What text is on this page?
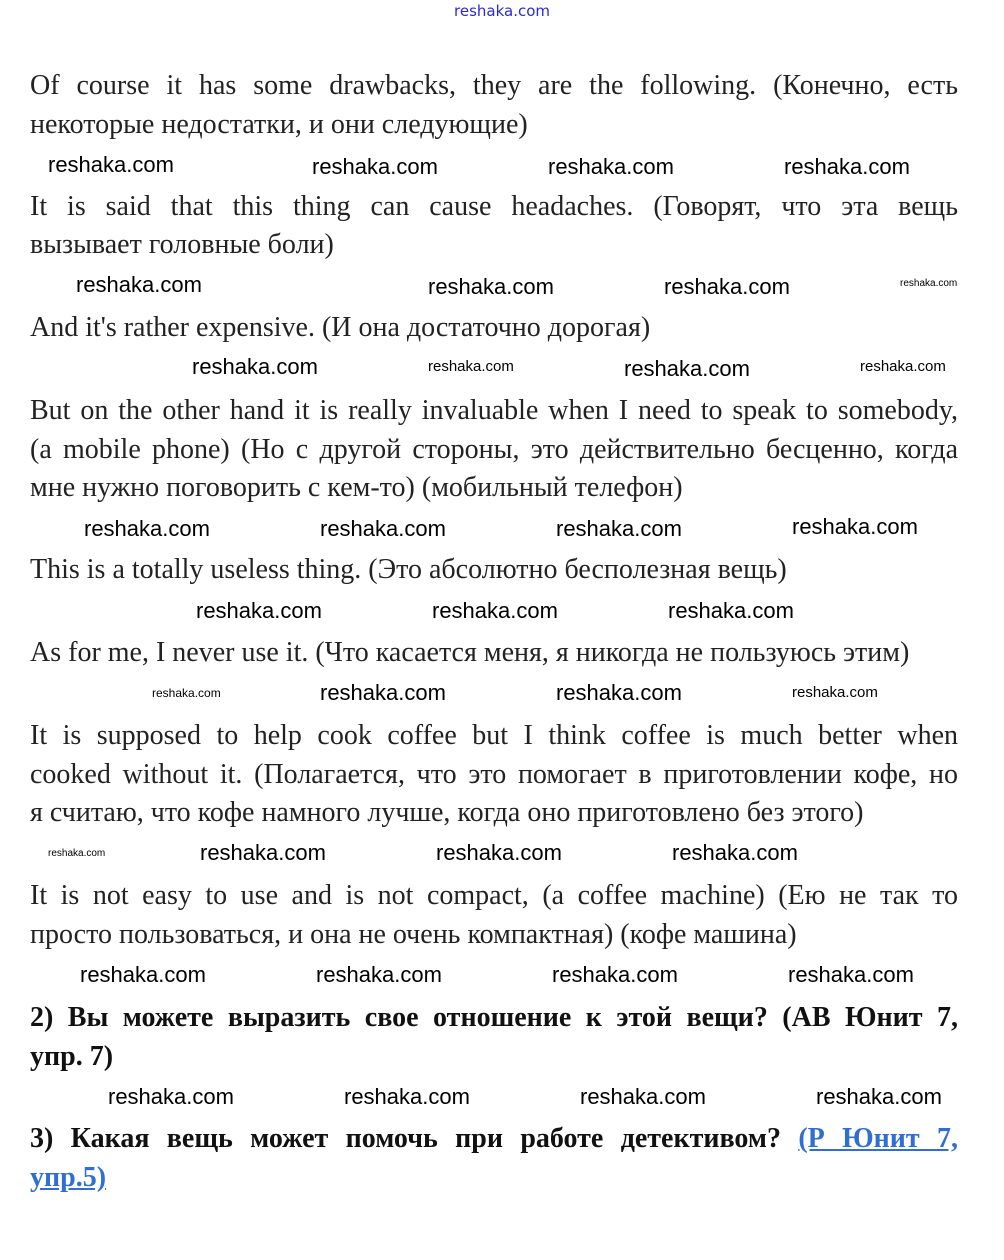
reshaka.com
Of course it has some drawbacks, they are the following. (Конечно, есть
некоторые недостатки, и они следующие)
It is said that this thing can cause headaches. (Говорят, что эта вещь
вызывает головные боли)
And it's rather expensive. (И она достаточно дорогая)
But on the other hand it is really invaluable when I need to speak to somebody,
(a mobile phone) (Но с другой стороны, это действительно бесценно, когда
мне нужно поговорить с кем-то) (мобильный телефон)
This is a totally useless thing. (Это абсолютно бесполезная вещь)
As for me, I never use it. (Что касается меня, я никогда не пользуюсь этим)
It is supposed to help cook coffee but I think coffee is much better when
cooked without it. (Полагается, что это помогает в приготовлении кофе, но
я считаю, что кофе намного лучше, когда оно приготовлено без этого)
It is not easy to use and is not compact, (a coffee machine) (Ею не так то
просто пользоваться, и она не очень компактная) (кофе машина)
2) Вы можете выразить свое отношение к этой вещи? (АВ Юнит 7,
упр. 7)
3) Какая вещь может помочь при работе детективом? (Р Юнит 7,
упр.5)
reshaka.com	reshaka.com	reshaka.com	reshaka.com
reshaka.com	reshaka.com	reshaka.com	reshaka.com
reshaka.com	reshaka.com	reshaka.com	reshaka.com
reshaka.com	reshaka.com	reshaka.com	reshaka.com
reshaka.com	reshaka.com	reshaka.com
reshaka.com	reshaka.com	reshaka.com	reshaka.com
reshaka.com	reshaka.com	reshaka.com	reshaka.com
reshaka.com	reshaka.com	reshaka.com	reshaka.com
reshaka.com	reshaka.com	reshaka.com	reshaka.com
